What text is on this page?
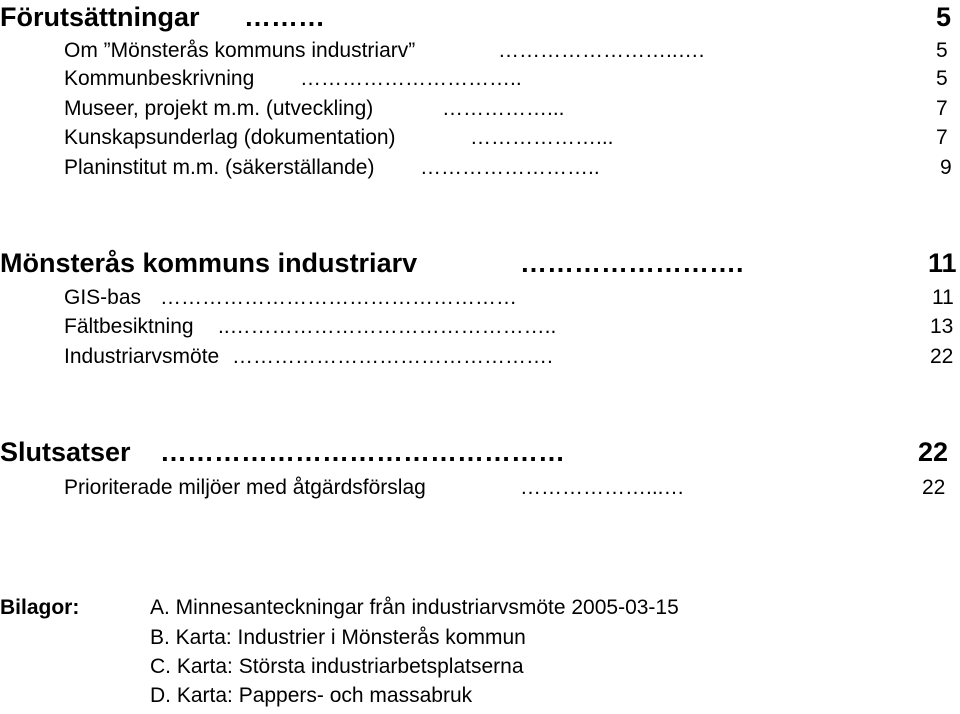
Förutsättningar ………	5
Om ”Mönsterås kommuns industriarv”	……………………..….	5
Kommunbeskrivning …………………………..	5
Museer, projekt m.m. (utveckling)	……………...	7
Kunskapsunderlag (dokumentation)	………………...	7
Planinstitut m.m. (säkerställande) ……………………..	9
Mönsterås kommuns industriarv	…………………….	11
GIS-bas ……………………………………………	11
Fältbesiktning ..………………………………………..	13
Industriarvsmöte ……………………………………….	22
Slutsatser ………………………………………	22
Prioriterade miljöer med åtgärdsförslag	………………...…	22
Bilagor:	A. Minnesanteckningar från industriarvsmöte 2005-03-15
B. Karta: Industrier i Mönsterås kommun
C. Karta: Största industriarbetsplatserna
D. Karta: Pappers- och massabruk
